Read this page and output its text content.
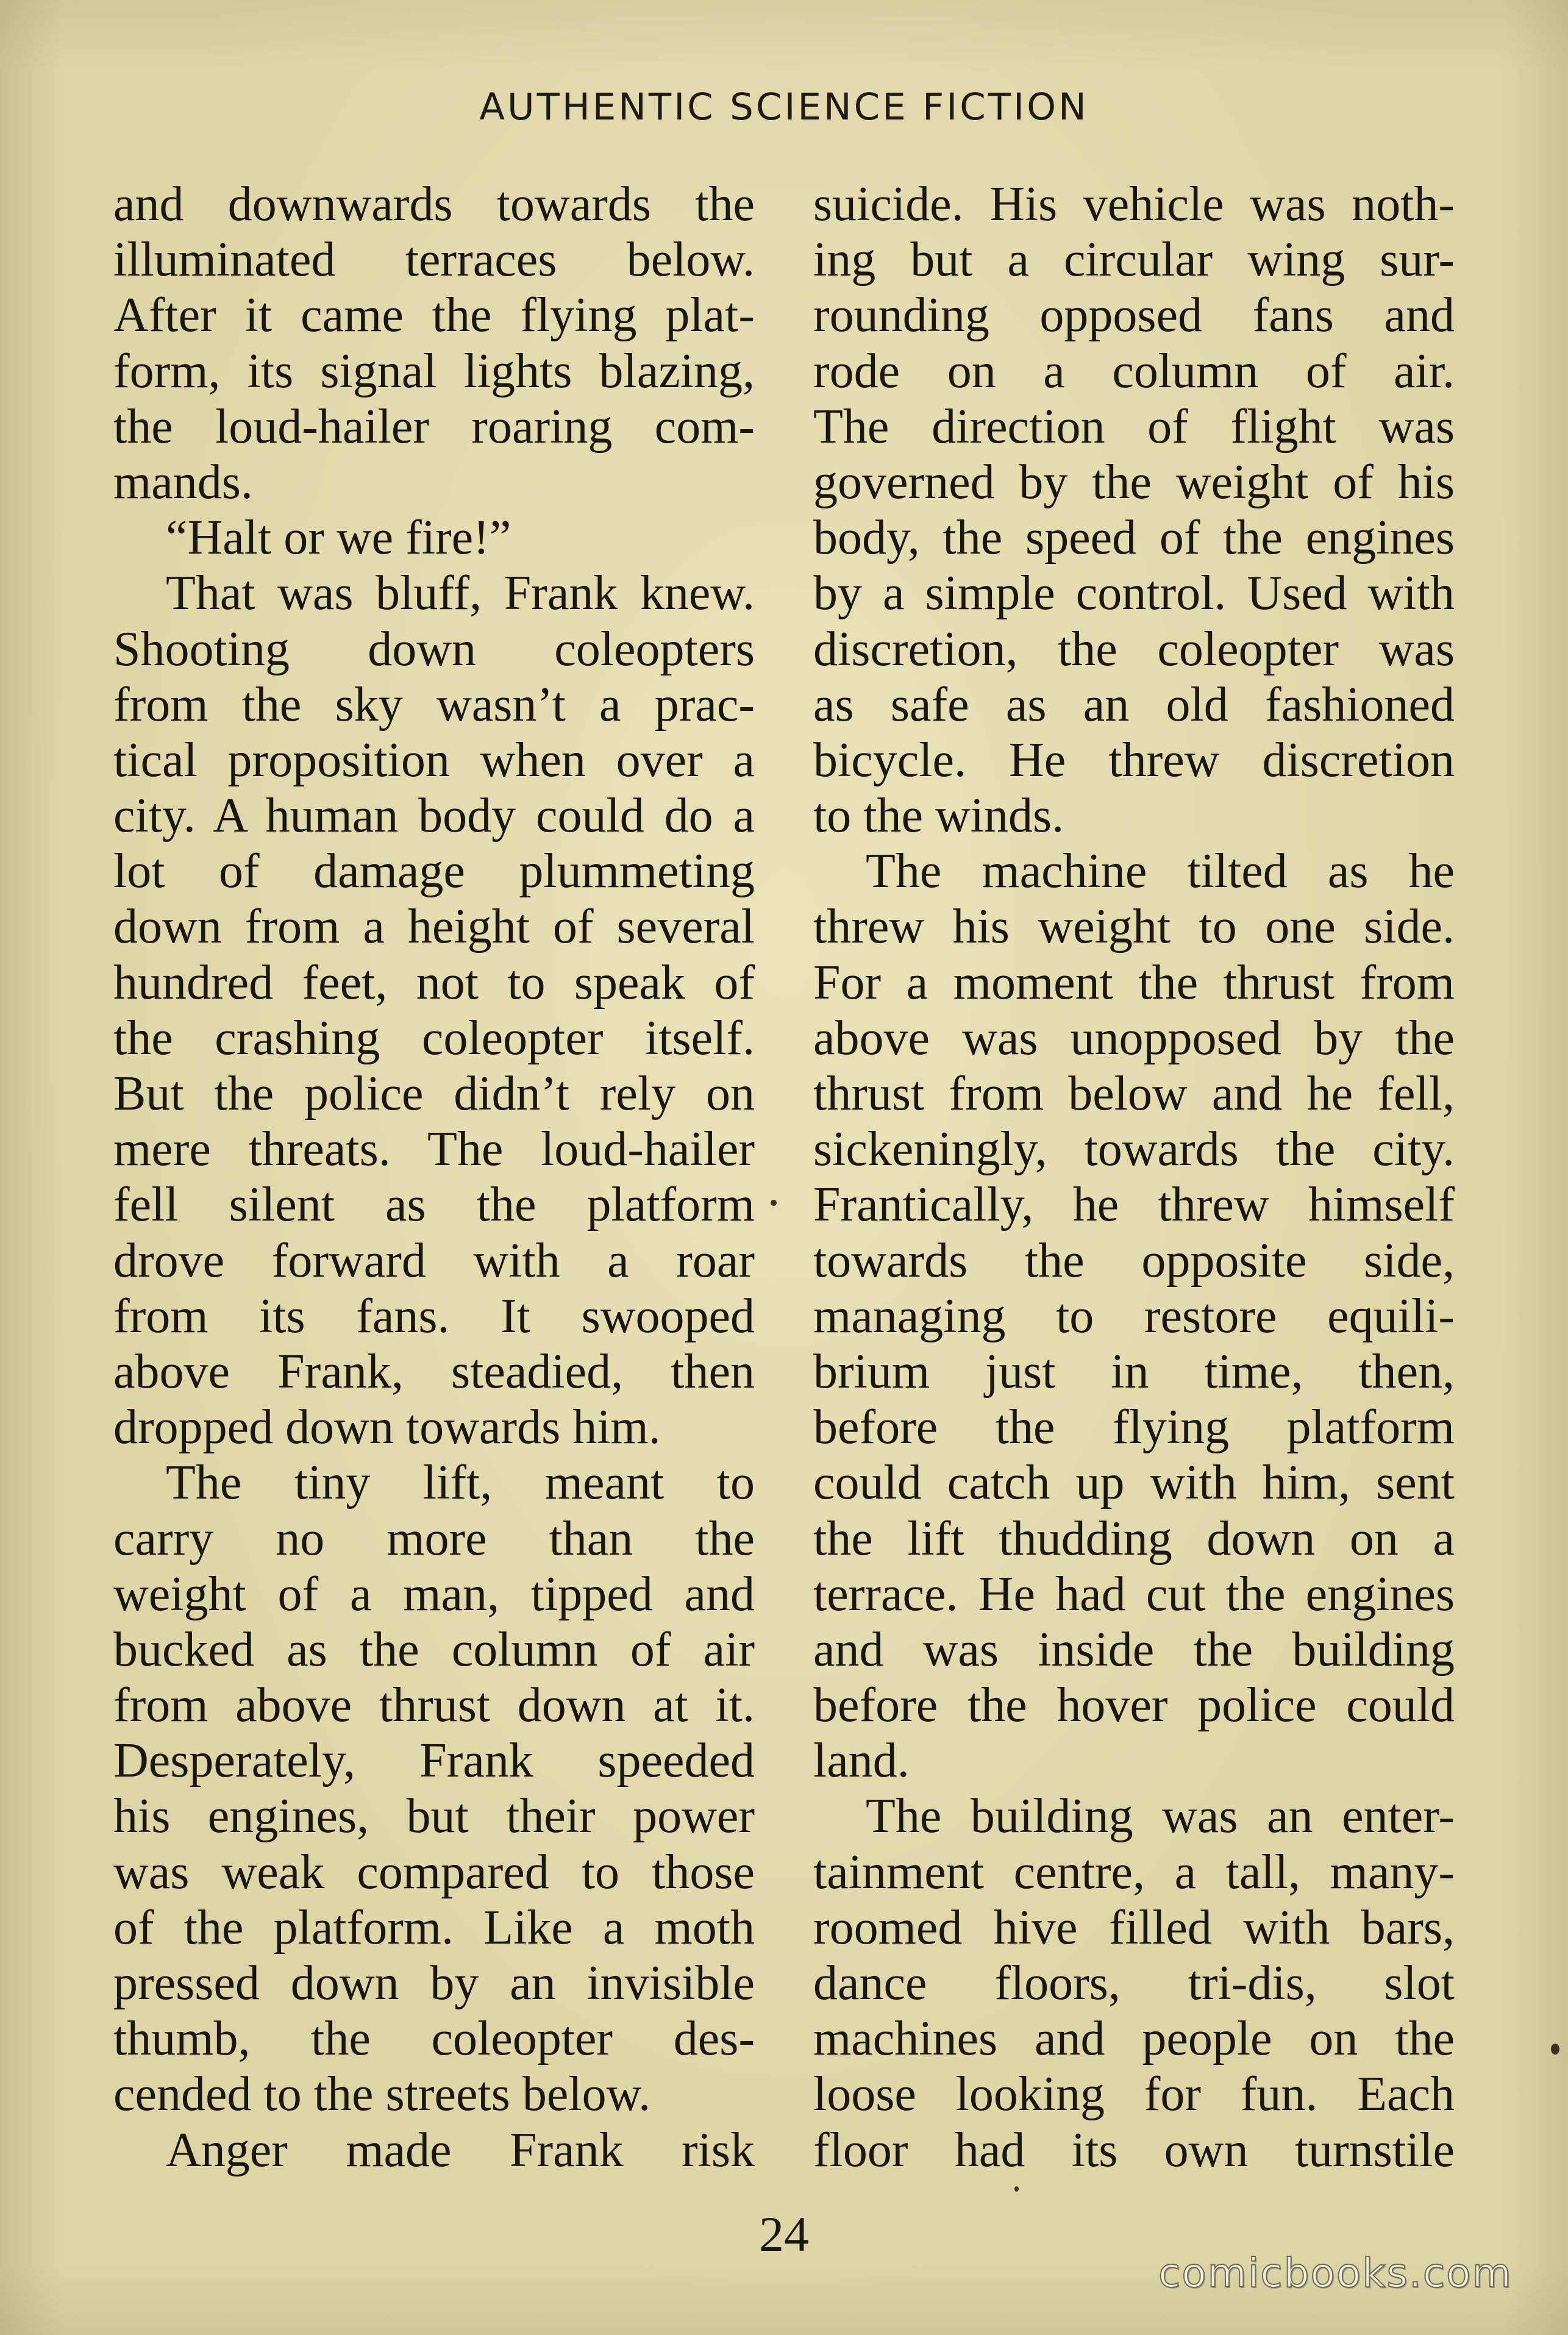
AUTHENTIC SCIENCE FICTION
and downwards towards the
illuminated terraces below.
After it came the flying plat-
form, its signal lights blazing,
the loud-hailer roaring com-
mands.
“Halt or we fire!”
That was bluff, Frank knew.
Shooting down coleopters
from the sky wasn’t a prac-
tical proposition when over a
city. A human body could do a
lot of damage plummeting
down from a height of several
hundred feet, not to speak of
the crashing coleopter itself.
But the police didn’t rely on
mere threats. The loud-hailer
fell silent as the platform
drove forward with a roar
from its fans. It swooped
above Frank, steadied, then
dropped down towards him.
The tiny lift, meant to
carry no more than the
weight of a man, tipped and
bucked as the column of air
from above thrust down at it.
Desperately, Frank speeded
his engines, but their power
was weak compared to those
of the platform. Like a moth
pressed down by an invisible
thumb, the coleopter des-
cended to the streets below.
Anger made Frank risk
suicide. His vehicle was noth-
ing but a circular wing sur-
rounding opposed fans and
rode on a column of air.
The direction of flight was
governed by the weight of his
body, the speed of the engines
by a simple control. Used with
discretion, the coleopter was
as safe as an old fashioned
bicycle. He threw discretion
to the winds.
The machine tilted as he
threw his weight to one side.
For a moment the thrust from
above was unopposed by the
thrust from below and he fell,
sickeningly, towards the city.
Frantically, he threw himself
towards the opposite side,
managing to restore equili-
brium just in time, then,
before the flying platform
could catch up with him, sent
the lift thudding down on a
terrace. He had cut the engines
and was inside the building
before the hover police could
land.
The building was an enter-
tainment centre, a tall, many-
roomed hive filled with bars,
dance floors, tri-dis, slot
machines and people on the
loose looking for fun. Each
floor had its own turnstile
24
comicbooks.com
